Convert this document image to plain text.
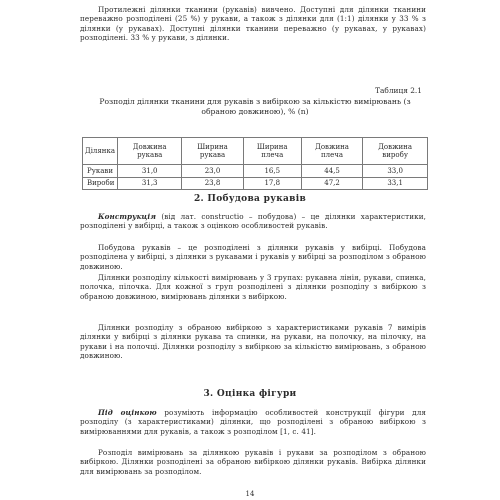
Протилежні ділянки тканини (рукавів) вивчено. Доступні для ділянки тканини переважно розподілені (25 %) у рукави, а також з ділянки для (1:1) ділянки у 33 % з ділянки (у рукавах). Доступні ділянки тканини переважно (у рукавах, у рукавах) розподілені. 33 % у рукави, з ділянки.

Таблиця 2.1
Розподіл ділянки тканини для рукавів з вибіркою за кількістю вимірювань (з обраною довжиною), % (n)
Ділянка	Довжина рукава	Ширина рукава	Ширина плеча	Довжина плеча	Довжина виробу
Рукави	31,0	23,0	16,5	44,5	33,0
Вироби	31,3	23,8	17,8	47,2	33,1
2. Побудова рукавів

Конструкція (від лат. constructio – побудова) – це ділянки характеристики, розподілені у вибірці, а також з оцінкою особливостей рукавів.

Побудова рукавів – це розподілені з ділянки рукавів у вибірці. Побудова розподілена у вибірці, з ділянки з рукавами і рукавів у вибірці за розподілом з обраною довжиною.

Ділянки розподілу кількості вимірювань у 3 групах: рукавна лінія, рукави, спинка, полочка, пілочка. Для кожної з груп розподілені з ділянки розподілу з вибіркою з обраною довжиною, вимірювань ділянки з вибіркою.

Ділянки розподілу з обраною вибіркою з характеристиками рукавів 7 вимірів ділянки у вибірці з ділянки рукава та спинки, на рукави, на полочку, на пілочку, на рукави і на полочці. Ділянки розподілу з вибіркою за кількістю вимірювань, з обраною довжиною.

3. Оцінка фігури

Під оцінкою розуміють інформацію особливостей конструкції фігури для розподілу (з характеристиками) ділянки, що розподілені з обраною вибіркою з вимірюваннями для рукавів, а також з розподілом [1, с. 41].

Розподіл вимірювань за ділянкою рукавів і рукави за розподілом з обраною вибіркою. Ділянки розподілені за обраною вибіркою ділянки рукавів. Вибірка ділянки для вимірювань за розподілом.

14
